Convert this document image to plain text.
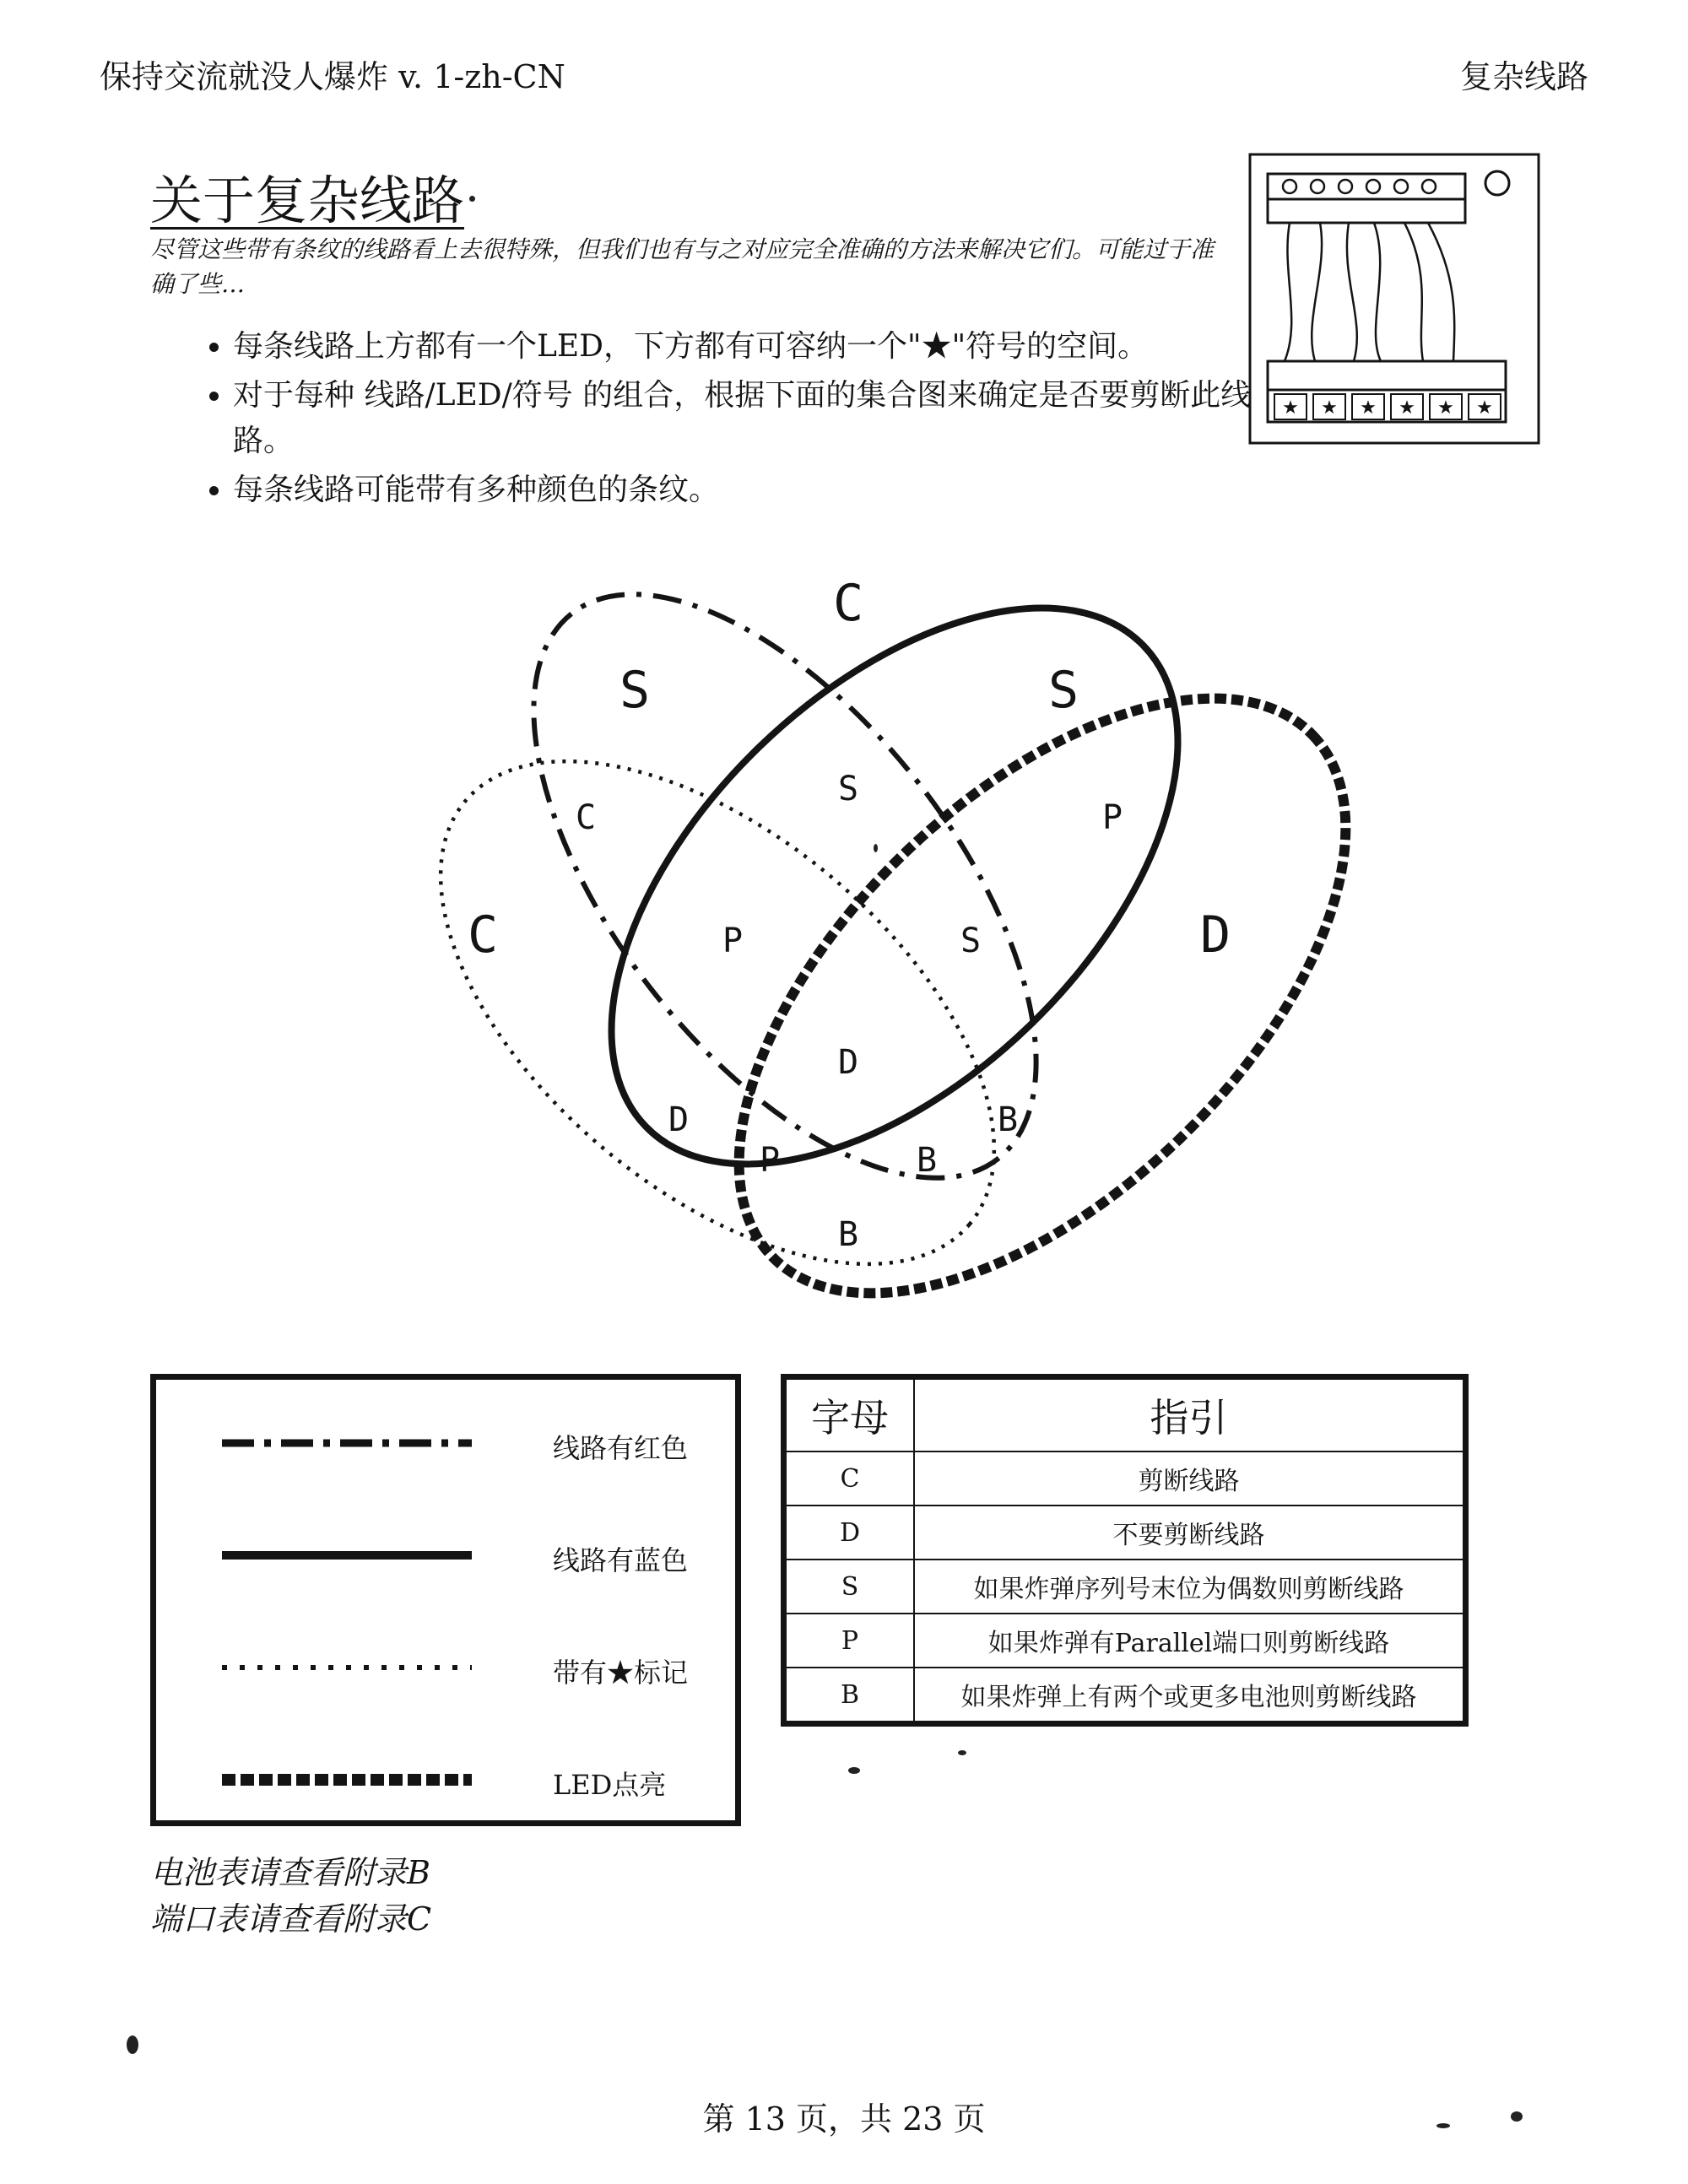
保持交流就没人爆炸 v. 1-zh-CN	复杂线路
关于复杂线路
尽管这些带有条纹的线路看上去很特殊，但我们也有与之对应完全准确的方法来解决它们。可能过于准确了些…
• 每条线路上方都有一个LED，下方都有可容纳一个"★"符号的空间。
• 对于每种 线路/LED/符号 的组合，根据下面的集合图来确定是否要剪断此线路。
• 每条线路可能带有多种颜色的条纹。
★ ★ ★ ★ ★ ★
C
S	S
C	D
C
S
P
P	S
D
D	B
P	B
B
线路有红色
线路有蓝色
带有★标记
LED点亮
字母	指引
C	剪断线路
D	不要剪断线路
S	如果炸弹序列号末位为偶数则剪断线路
P	如果炸弹有Parallel端口则剪断线路
B	如果炸弹上有两个或更多电池则剪断线路
电池表请查看附录B
端口表请查看附录C
第 13 页，共 23 页
